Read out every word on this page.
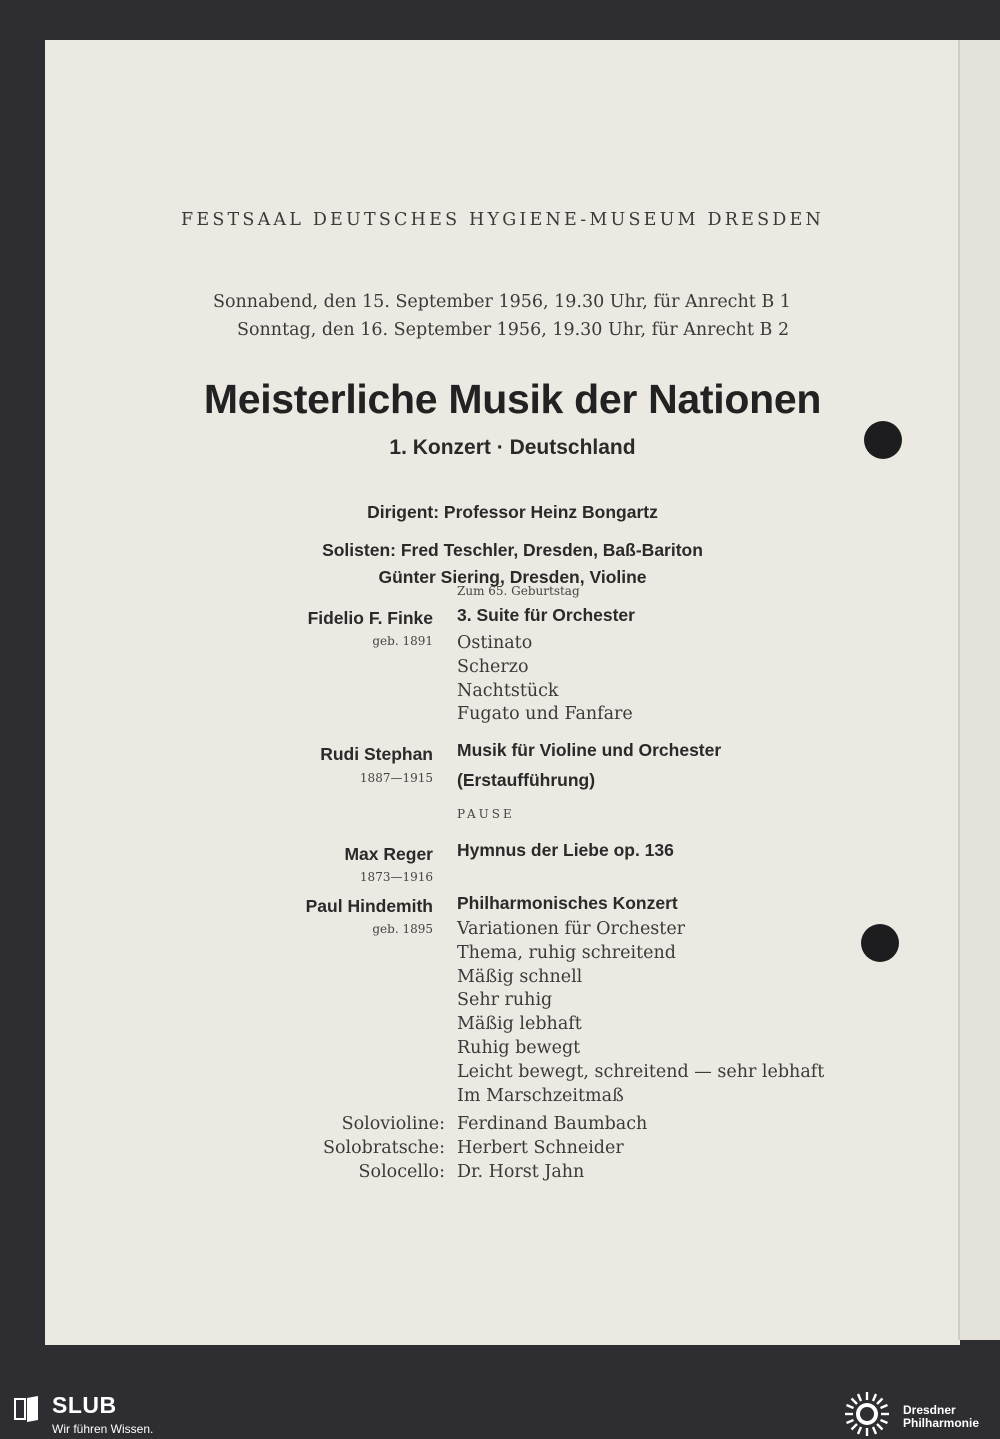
FESTSAAL DEUTSCHES HYGIENE-MUSEUM DRESDEN
Sonnabend, den 15. September 1956, 19.30 Uhr, für Anrecht B 1
Sonntag, den 16. September 1956, 19.30 Uhr, für Anrecht B 2
Meisterliche Musik der Nationen
1. Konzert · Deutschland
Dirigent: Professor Heinz Bongartz
Solisten: Fred Teschler, Dresden, Baß-Bariton
Günter Siering, Dresden, Violine
Zum 65. Geburtstag
Fidelio F. Finke 3. Suite für Orchester
geb. 1891 Ostinato
Scherzo
Nachtstück
Fugato und Fanfare
Rudi Stephan Musik für Violine und Orchester
1887—1915 (Erstaufführung)
PAUSE
Max Reger Hymnus der Liebe op. 136
1873—1916
Paul Hindemith Philharmonisches Konzert
geb. 1895 Variationen für Orchester
Thema, ruhig schreitend
Mäßig schnell
Sehr ruhig
Mäßig lebhaft
Ruhig bewegt
Leicht bewegt, schreitend — sehr lebhaft
Im Marschzeitmaß
Solovioline:
Solobratsche:
Solocello:
Ferdinand Baumbach
Herbert Schneider
Dr. Horst Jahn
SLUB
Wir führen Wissen.
Dresdner
Philharmonie
